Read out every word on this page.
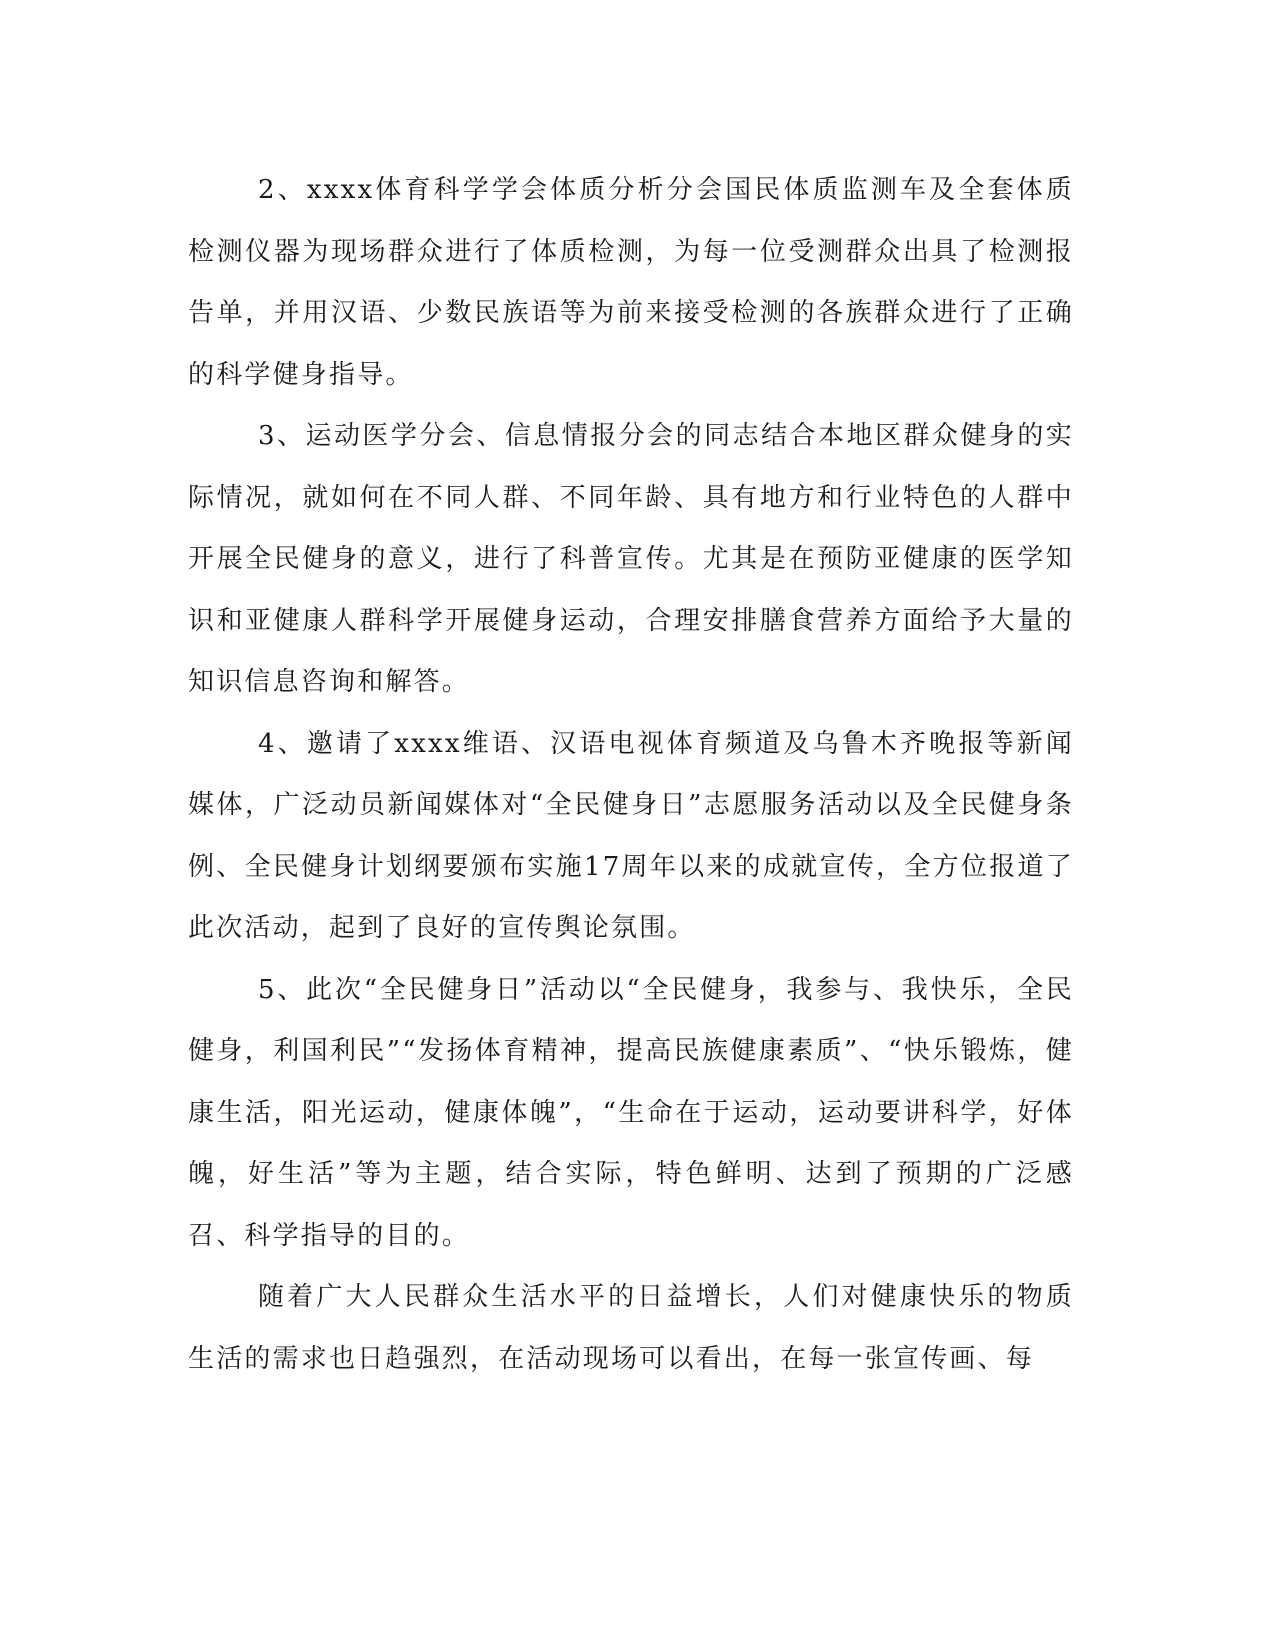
2、xxxx体育科学学会体质分析分会国民体质监测车及全套体质检测仪器为现场群众进行了体质检测，为每一位受测群众出具了检测报告单，并用汉语、少数民族语等为前来接受检测的各族群众进行了正确的科学健身指导。

3、运动医学分会、信息情报分会的同志结合本地区群众健身的实际情况，就如何在不同人群、不同年龄、具有地方和行业特色的人群中开展全民健身的意义，进行了科普宣传。尤其是在预防亚健康的医学知识和亚健康人群科学开展健身运动，合理安排膳食营养方面给予大量的知识信息咨询和解答。

4、邀请了xxxx维语、汉语电视体育频道及乌鲁木齐晚报等新闻媒体，广泛动员新闻媒体对“全民健身日”志愿服务活动以及全民健身条例、全民健身计划纲要颁布实施17周年以来的成就宣传，全方位报道了此次活动，起到了良好的宣传舆论氛围。

5、此次“全民健身日”活动以“全民健身，我参与、我快乐，全民健身，利国利民”“发扬体育精神，提高民族健康素质”、“快乐锻炼，健康生活，阳光运动，健康体魄”，“生命在于运动，运动要讲科学，好体魄，好生活”等为主题，结合实际，特色鲜明、达到了预期的广泛感召、科学指导的目的。

随着广大人民群众生活水平的日益增长，人们对健康快乐的物质生活的需求也日趋强烈，在活动现场可以看出，在每一张宣传画、每
